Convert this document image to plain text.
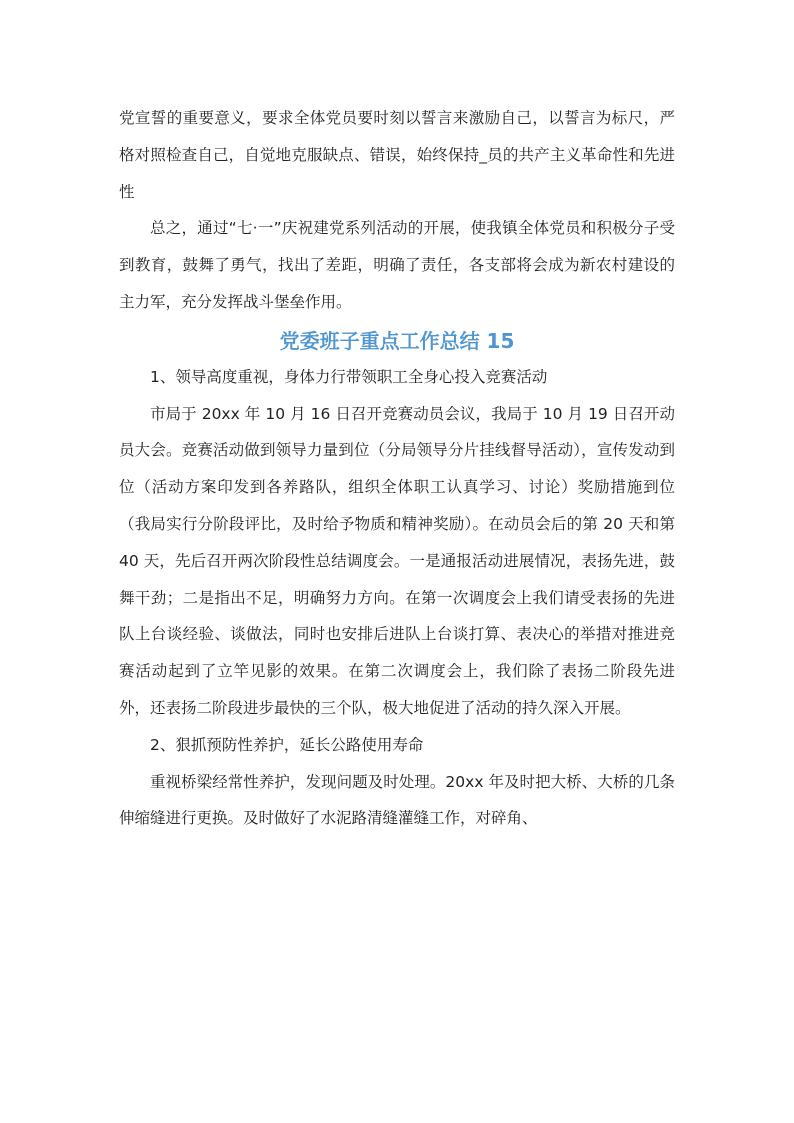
党宣誓的重要意义，要求全体党员要时刻以誓言来激励自己，以誓言为标尺，严格对照检查自己，自觉地克服缺点、错误，始终保持_员的共产主义革命性和先进性

总之，通过“七·一”庆祝建党系列活动的开展，使我镇全体党员和积极分子受到教育，鼓舞了勇气，找出了差距，明确了责任，各支部将会成为新农村建设的主力军，充分发挥战斗堡垒作用。

党委班子重点工作总结 15

1、领导高度重视，身体力行带领职工全身心投入竞赛活动

市局于 20xx 年 10 月 16 日召开竞赛动员会议，我局于 10 月 19 日召开动员大会。竞赛活动做到领导力量到位（分局领导分片挂线督导活动），宣传发动到位（活动方案印发到各养路队，组织全体职工认真学习、讨论）奖励措施到位（我局实行分阶段评比，及时给予物质和精神奖励）。在动员会后的第 20 天和第 40 天，先后召开两次阶段性总结调度会。一是通报活动进展情况，表扬先进，鼓舞干劲；二是指出不足，明确努力方向。在第一次调度会上我们请受表扬的先进队上台谈经验、谈做法，同时也安排后进队上台谈打算、表决心的举措对推进竞赛活动起到了立竿见影的效果。在第二次调度会上，我们除了表扬二阶段先进外，还表扬二阶段进步最快的三个队，极大地促进了活动的持久深入开展。

2、狠抓预防性养护，延长公路使用寿命

重视桥梁经常性养护，发现问题及时处理。20xx 年及时把大桥、大桥的几条伸缩缝进行更换。及时做好了水泥路清缝灌缝工作，对碎角、
